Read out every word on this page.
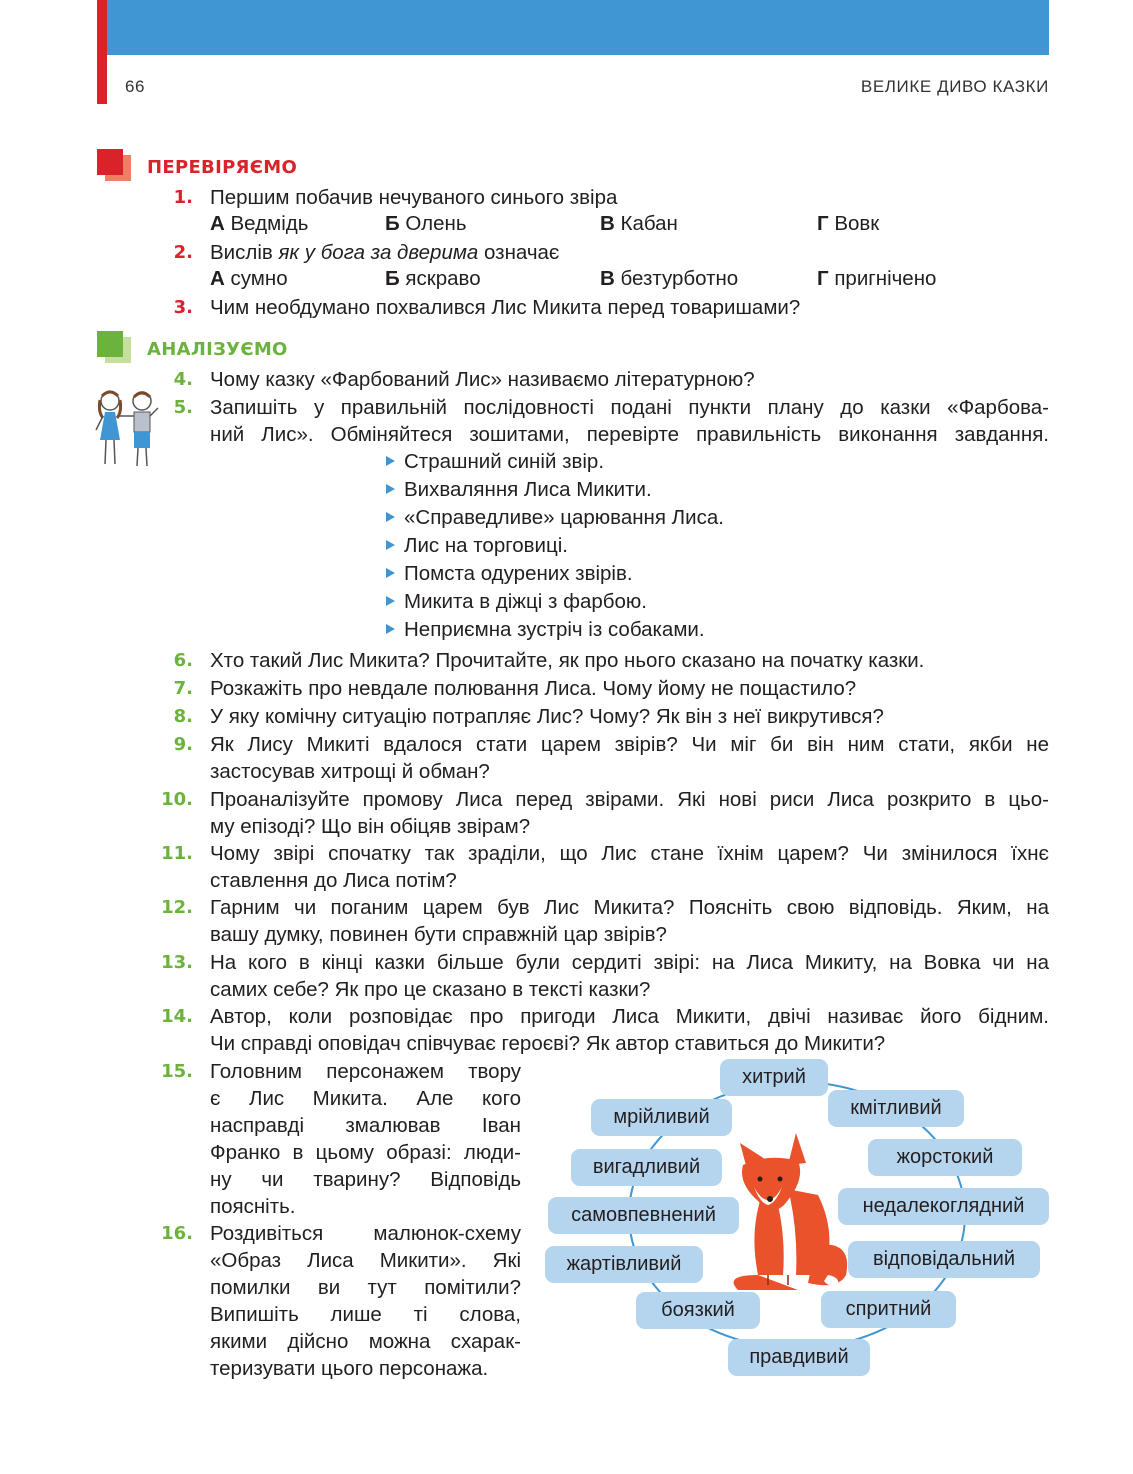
66	ВЕЛИКЕ ДИВО КАЗКИ
ПЕРЕВІРЯЄМО
1. Першим побачив нечуваного синього звіра
А Ведмідь	Б Олень	В Кабан	Г Вовк
2. Вислів як у бога за дверима означає
А сумно	Б яскраво	В безтурботно	Г пригнічено
3. Чим необдумано похвалився Лис Микита перед товаришами?
АНАЛІЗУЄМО
4. Чому казку «Фарбований Лис» називаємо літературною?
5. Запишіть у правильній послідовності подані пункти плану до казки «Фарбова-
ний Лис». Обміняйтеся зошитами, перевірте правильність виконання завдання.
Страшний синій звір.
Вихваляння Лиса Микити.
«Справедливе» царювання Лиса.
Лис на торговиці.
Помста одурених звірів.
Микита в діжці з фарбою.
Неприємна зустріч із собаками.
6. Хто такий Лис Микита? Прочитайте, як про нього сказано на початку казки.
7. Розкажіть про невдале полювання Лиса. Чому йому не пощастило?
8. У яку комічну ситуацію потрапляє Лис? Чому? Як він з неї викрутився?
9. Як Лису Микиті вдалося стати царем звірів? Чи міг би він ним стати, якби не
застосував хитрощі й обман?
10. Проаналізуйте промову Лиса перед звірами. Які нові риси Лиса розкрито в цьо-
му епізоді? Що він обіцяв звірам?
11. Чому звірі спочатку так зраділи, що Лис стане їхнім царем? Чи змінилося їхнє
ставлення до Лиса потім?
12. Гарним чи поганим царем був Лис Микита? Поясніть свою відповідь. Яким, на
вашу думку, повинен бути справжній цар звірів?
13. На кого в кінці казки більше були сердиті звірі: на Лиса Микиту, на Вовка чи на
самих себе? Як про це сказано в тексті казки?
14. Автор, коли розповідає про пригоди Лиса Микити, двічі називає його бідним.
Чи справді оповідач співчуває героєві? Як автор ставиться до Микити?
15. Головним персонажем твору
є Лис Микита. Але кого
насправді змалював Іван
Франко в цьому образі: люди-
ну чи тварину? Відповідь
поясніть.
16. Роздивіться малюнок-схему
«Образ Лиса Микити». Які
помилки ви тут помітили?
Випишіть лише ті слова,
якими дійсно можна схарак-
теризувати цього персонажа.
хитрий
кмітливий
жорстокий
недалекоглядний
відповідальний
спритний
правдивий
боязкий
жартівливий
самовпевнений
вигадливий
мрійливий
